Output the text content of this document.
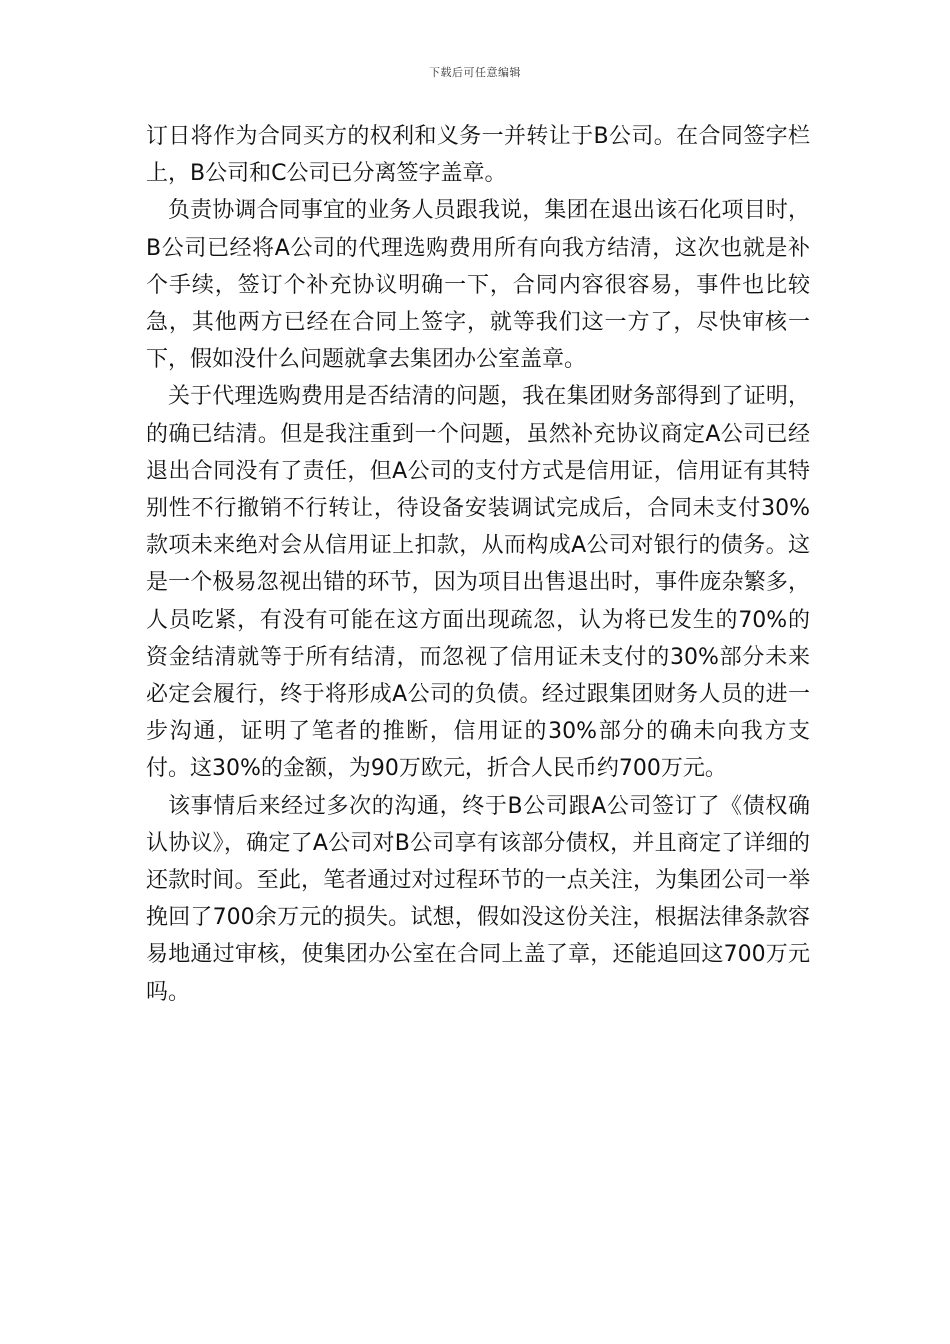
下载后可任意编辑

订日将作为合同买方的权利和义务一并转让于B公司。在合同签字栏上，B公司和C公司已分离签字盖章。

负责协调合同事宜的业务人员跟我说，集团在退出该石化项目时，B公司已经将A公司的代理选购费用所有向我方结清，这次也就是补个手续，签订个补充协议明确一下，合同内容很容易，事件也比较急，其他两方已经在合同上签字，就等我们这一方了，尽快审核一下，假如没什么问题就拿去集团办公室盖章。

关于代理选购费用是否结清的问题，我在集团财务部得到了证明，的确已结清。但是我注重到一个问题，虽然补充协议商定A公司已经退出合同没有了责任，但A公司的支付方式是信用证，信用证有其特别性不行撤销不行转让，待设备安装调试完成后，合同未支付30%款项未来绝对会从信用证上扣款，从而构成A公司对银行的债务。这是一个极易忽视出错的环节，因为项目出售退出时，事件庞杂繁多，人员吃紧，有没有可能在这方面出现疏忽，认为将已发生的70%的资金结清就等于所有结清，而忽视了信用证未支付的30%部分未来必定会履行，终于将形成A公司的负债。经过跟集团财务人员的进一步沟通，证明了笔者的推断，信用证的30%部分的确未向我方支付。这30%的金额，为90万欧元，折合人民币约700万元。

该事情后来经过多次的沟通，终于B公司跟A公司签订了《债权确认协议》，确定了A公司对B公司享有该部分债权，并且商定了详细的还款时间。至此，笔者通过对过程环节的一点关注，为集团公司一举挽回了700余万元的损失。试想，假如没这份关注，根据法律条款容易地通过审核，使集团办公室在合同上盖了章，还能追回这700万元吗。
